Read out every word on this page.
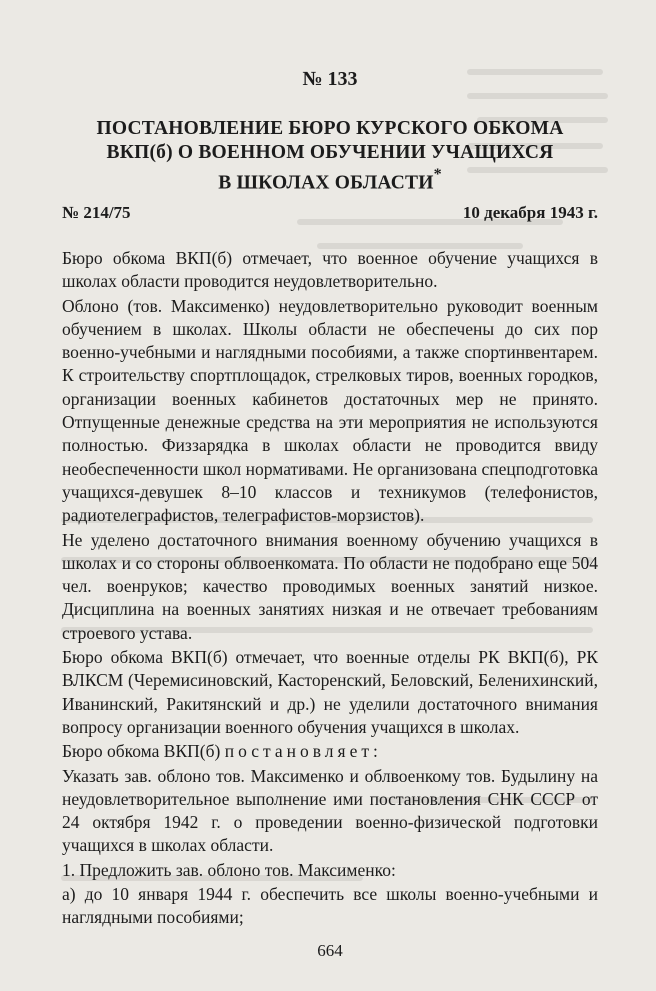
№ 133
ПОСТАНОВЛЕНИЕ БЮРО КУРСКОГО ОБКОМА
ВКП(б) О ВОЕННОМ ОБУЧЕНИИ УЧАЩИХСЯ
В ШКОЛАХ ОБЛАСТИ*
№ 214/75	10 декабря 1943 г.

Бюро обкома ВКП(б) отмечает, что военное обучение учащихся в школах области проводится неудовлетворительно.

Облоно (тов. Максименко) неудовлетворительно руководит военным обучением в школах. Школы области не обеспечены до сих пор военно-учебными и наглядными пособиями, а также спортинвентарем. К строительству спортплощадок, стрелковых тиров, военных городков, организации военных кабинетов достаточных мер не принято. Отпущенные денежные средства на эти мероприятия не используются полностью. Физзарядка в школах области не проводится ввиду необеспеченности школ нормативами. Не организована спецподготовка учащихся-девушек 8–10 классов и техникумов (телефонистов, радиотелеграфистов, телеграфистов-морзистов).

Не уделено достаточного внимания военному обучению учащихся в школах и со стороны облвоенкомата. По области не подобрано еще 504 чел. военруков; качество проводимых военных занятий низкое. Дисциплина на военных занятиях низкая и не отвечает требованиям строевого устава.

Бюро обкома ВКП(б) отмечает, что военные отделы РК ВКП(б), РК ВЛКСМ (Черемисиновский, Касторенский, Беловский, Беленихинский, Иванинский, Ракитянский и др.) не уделили достаточного внимания вопросу организации военного обучения учащихся в школах.

Бюро обкома ВКП(б) постановляет:

Указать зав. облоно тов. Максименко и облвоенкому тов. Будылину на неудовлетворительное выполнение ими постановления СНК СССР от 24 октября 1942 г. о проведении военно-физической подготовки учащихся в школах области.

1. Предложить зав. облоно тов. Максименко:

а) до 10 января 1944 г. обеспечить все школы военно-учебными и наглядными пособиями;

664
